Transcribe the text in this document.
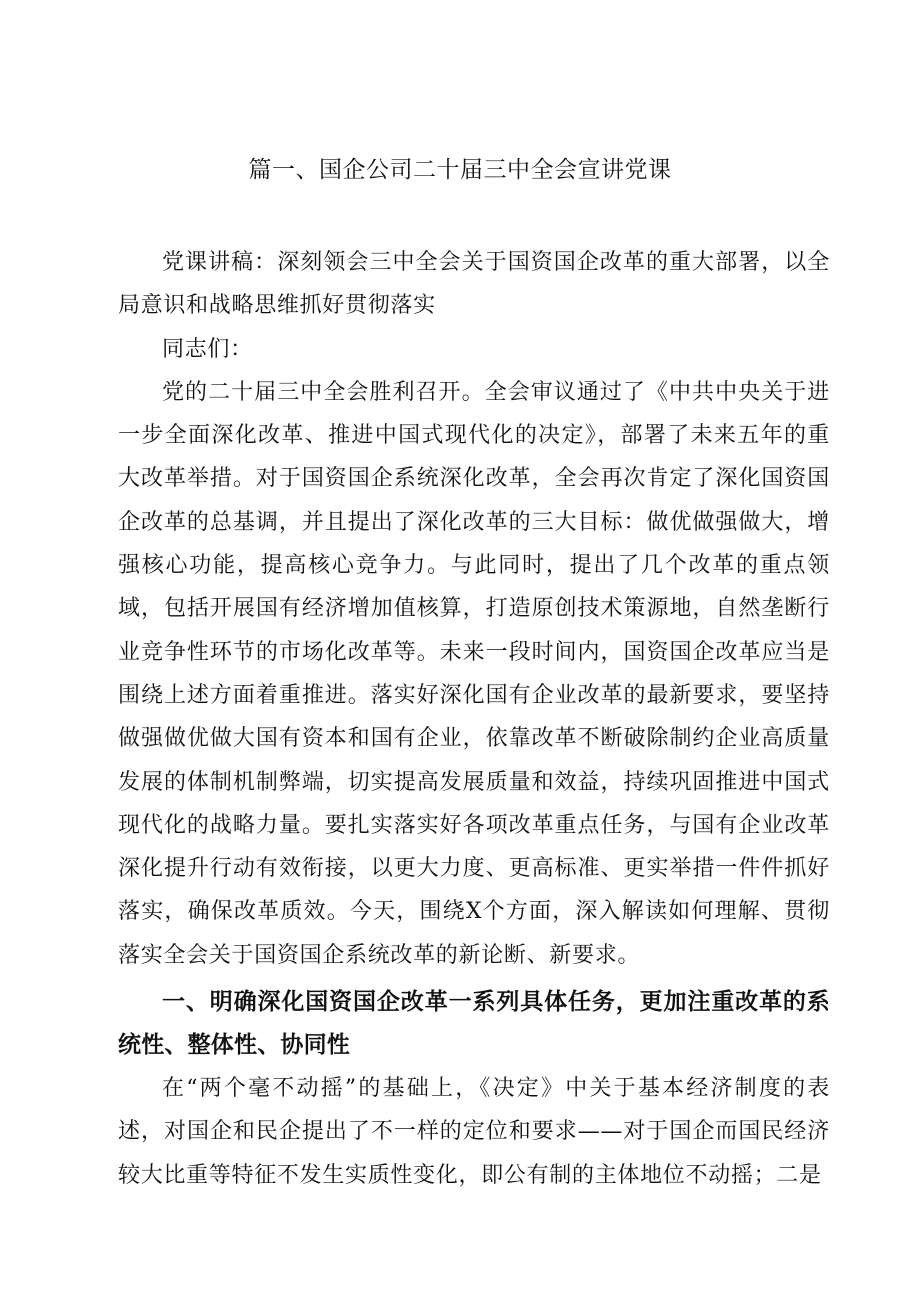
篇一、国企公司二十届三中全会宣讲党课

党课讲稿：深刻领会三中全会关于国资国企改革的重大部署，以全局意识和战略思维抓好贯彻落实

同志们：

党的二十届三中全会胜利召开。全会审议通过了《中共中央关于进一步全面深化改革、推进中国式现代化的决定》，部署了未来五年的重大改革举措。对于国资国企系统深化改革，全会再次肯定了深化国资国企改革的总基调，并且提出了深化改革的三大目标：做优做强做大，增强核心功能，提高核心竞争力。与此同时，提出了几个改革的重点领域，包括开展国有经济增加值核算，打造原创技术策源地，自然垄断行业竞争性环节的市场化改革等。未来一段时间内，国资国企改革应当是围绕上述方面着重推进。落实好深化国有企业改革的最新要求，要坚持做强做优做大国有资本和国有企业，依靠改革不断破除制约企业高质量发展的体制机制弊端，切实提高发展质量和效益，持续巩固推进中国式现代化的战略力量。要扎实落实好各项改革重点任务，与国有企业改革深化提升行动有效衔接，以更大力度、更高标准、更实举措一件件抓好落实，确保改革质效。今天，围绕X个方面，深入解读如何理解、贯彻落实全会关于国资国企系统改革的新论断、新要求。

一、明确深化国资国企改革一系列具体任务，更加注重改革的系统性、整体性、协同性

在“两个毫不动摇”的基础上，《决定》中关于基本经济制度的表述，对国企和民企提出了不一样的定位和要求——对于国企而国民经济较大比重等特征不发生实质性变化，即公有制的主体地位不动摇；二是
